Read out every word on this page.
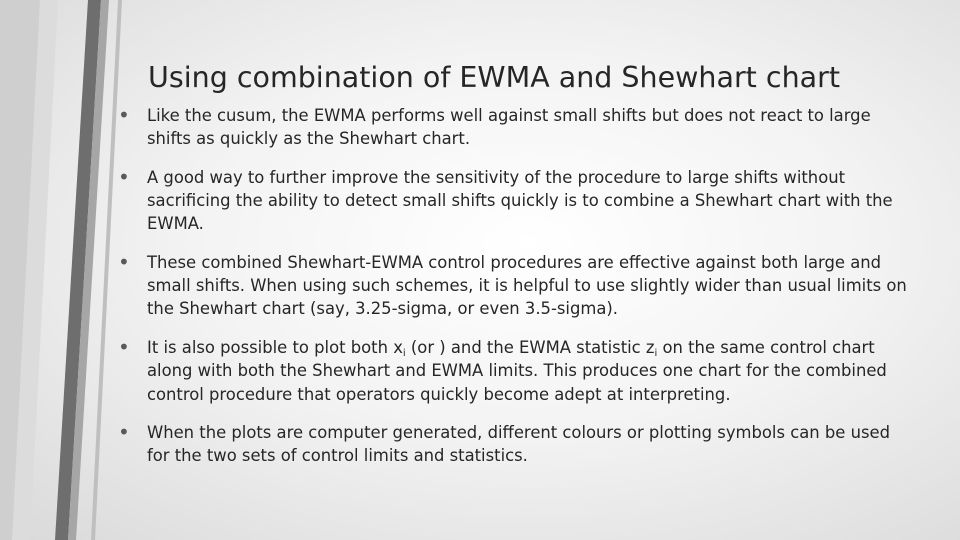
Using combination of EWMA and Shewhart chart
• Like the cusum, the EWMA performs well against small shifts but does not react to large shifts as quickly as the Shewhart chart.
• A good way to further improve the sensitivity of the procedure to large shifts without sacrificing the ability to detect small shifts quickly is to combine a Shewhart chart with the EWMA.
• These combined Shewhart-EWMA control procedures are effective against both large and small shifts. When using such schemes, it is helpful to use slightly wider than usual limits on the Shewhart chart (say, 3.25-sigma, or even 3.5-sigma).
• It is also possible to plot both $x_i$ (or ) and the EWMA statistic $z_i$ on the same control chart along with both the Shewhart and EWMA limits. This produces one chart for the combined control procedure that operators quickly become adept at interpreting.
• When the plots are computer generated, different colours or plotting symbols can be used for the two sets of control limits and statistics.
